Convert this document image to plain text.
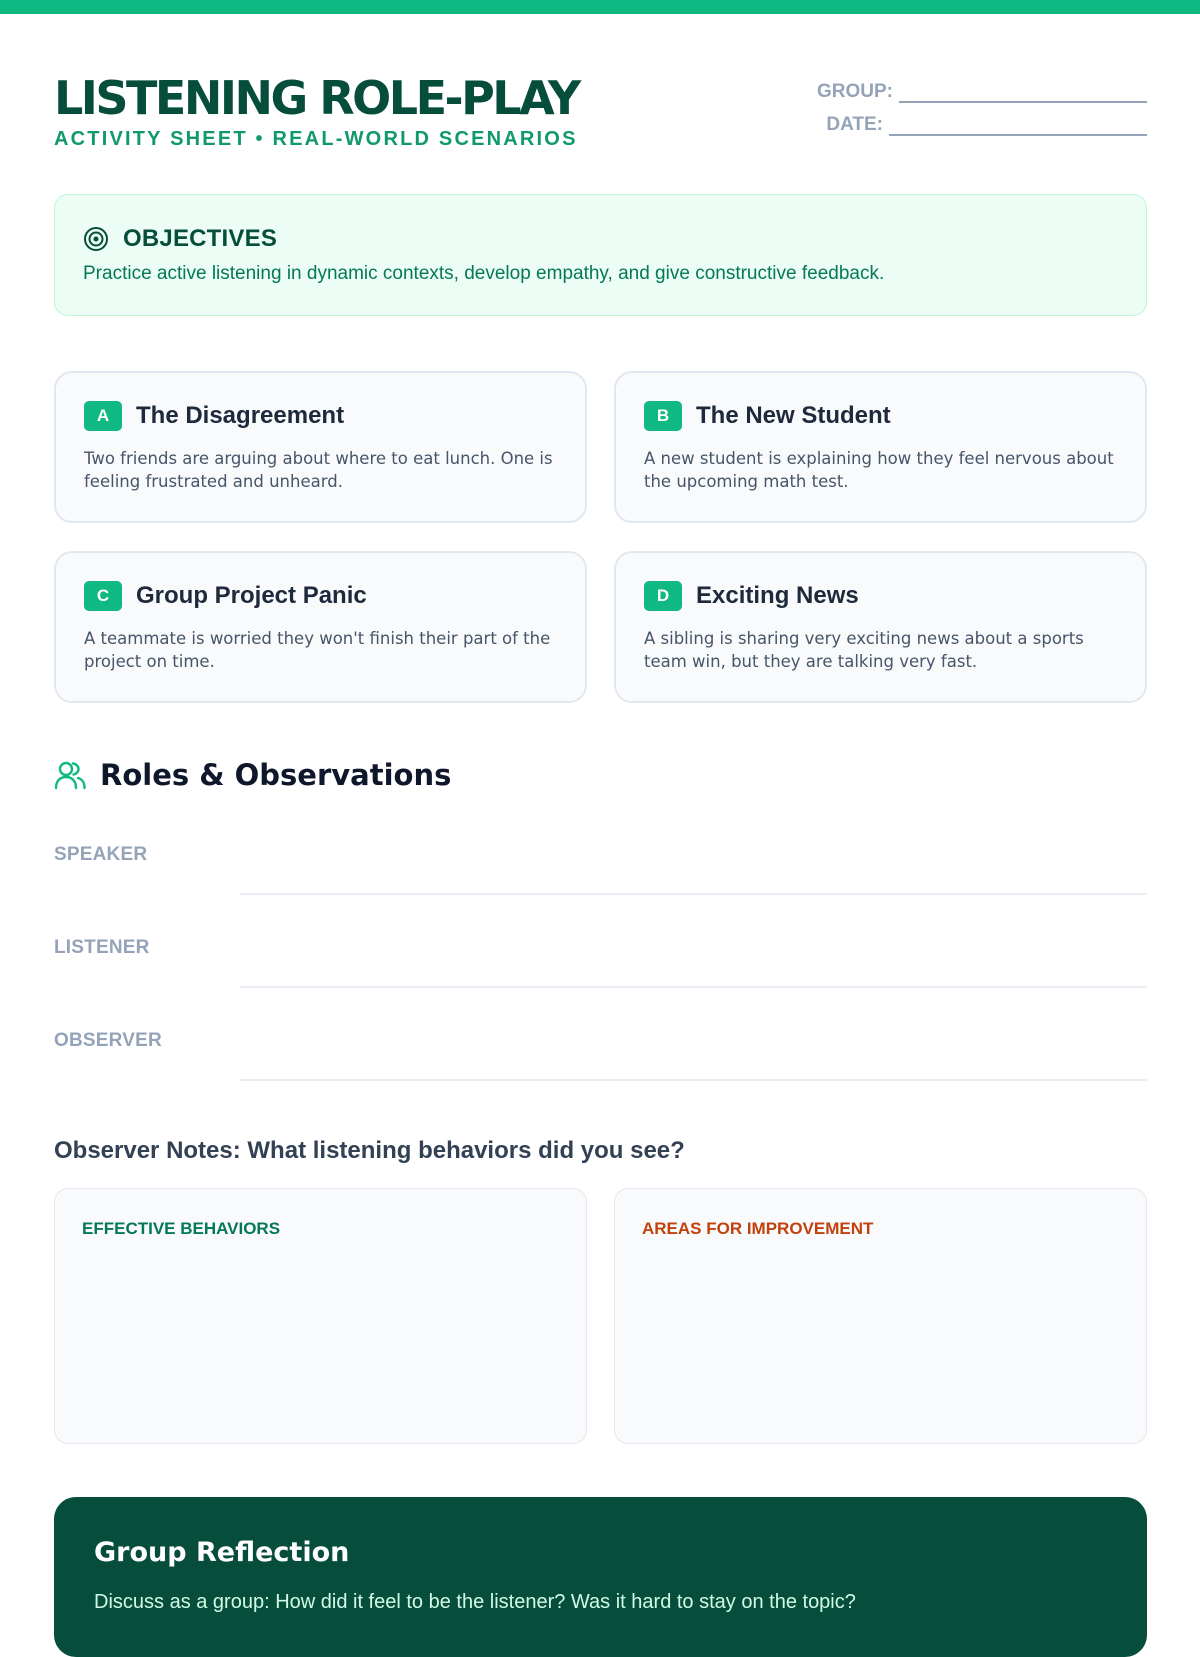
LISTENING ROLE-PLAY
ACTIVITY SHEET • REAL-WORLD SCENARIOS
GROUP:
DATE:
OBJECTIVES
Practice active listening in dynamic contexts, develop empathy, and give constructive feedback.
A	The Disagreement
Two friends are arguing about where to eat lunch. One is feeling frustrated and unheard.
B	The New Student
A new student is explaining how they feel nervous about the upcoming math test.
C	Group Project Panic
A teammate is worried they won't finish their part of the project on time.
D	Exciting News
A sibling is sharing very exciting news about a sports team win, but they are talking very fast.
Roles & Observations
SPEAKER
LISTENER
OBSERVER
Observer Notes: What listening behaviors did you see?
EFFECTIVE BEHAVIORS	AREAS FOR IMPROVEMENT
Group Reflection
Discuss as a group: How did it feel to be the listener? Was it hard to stay on the topic?
